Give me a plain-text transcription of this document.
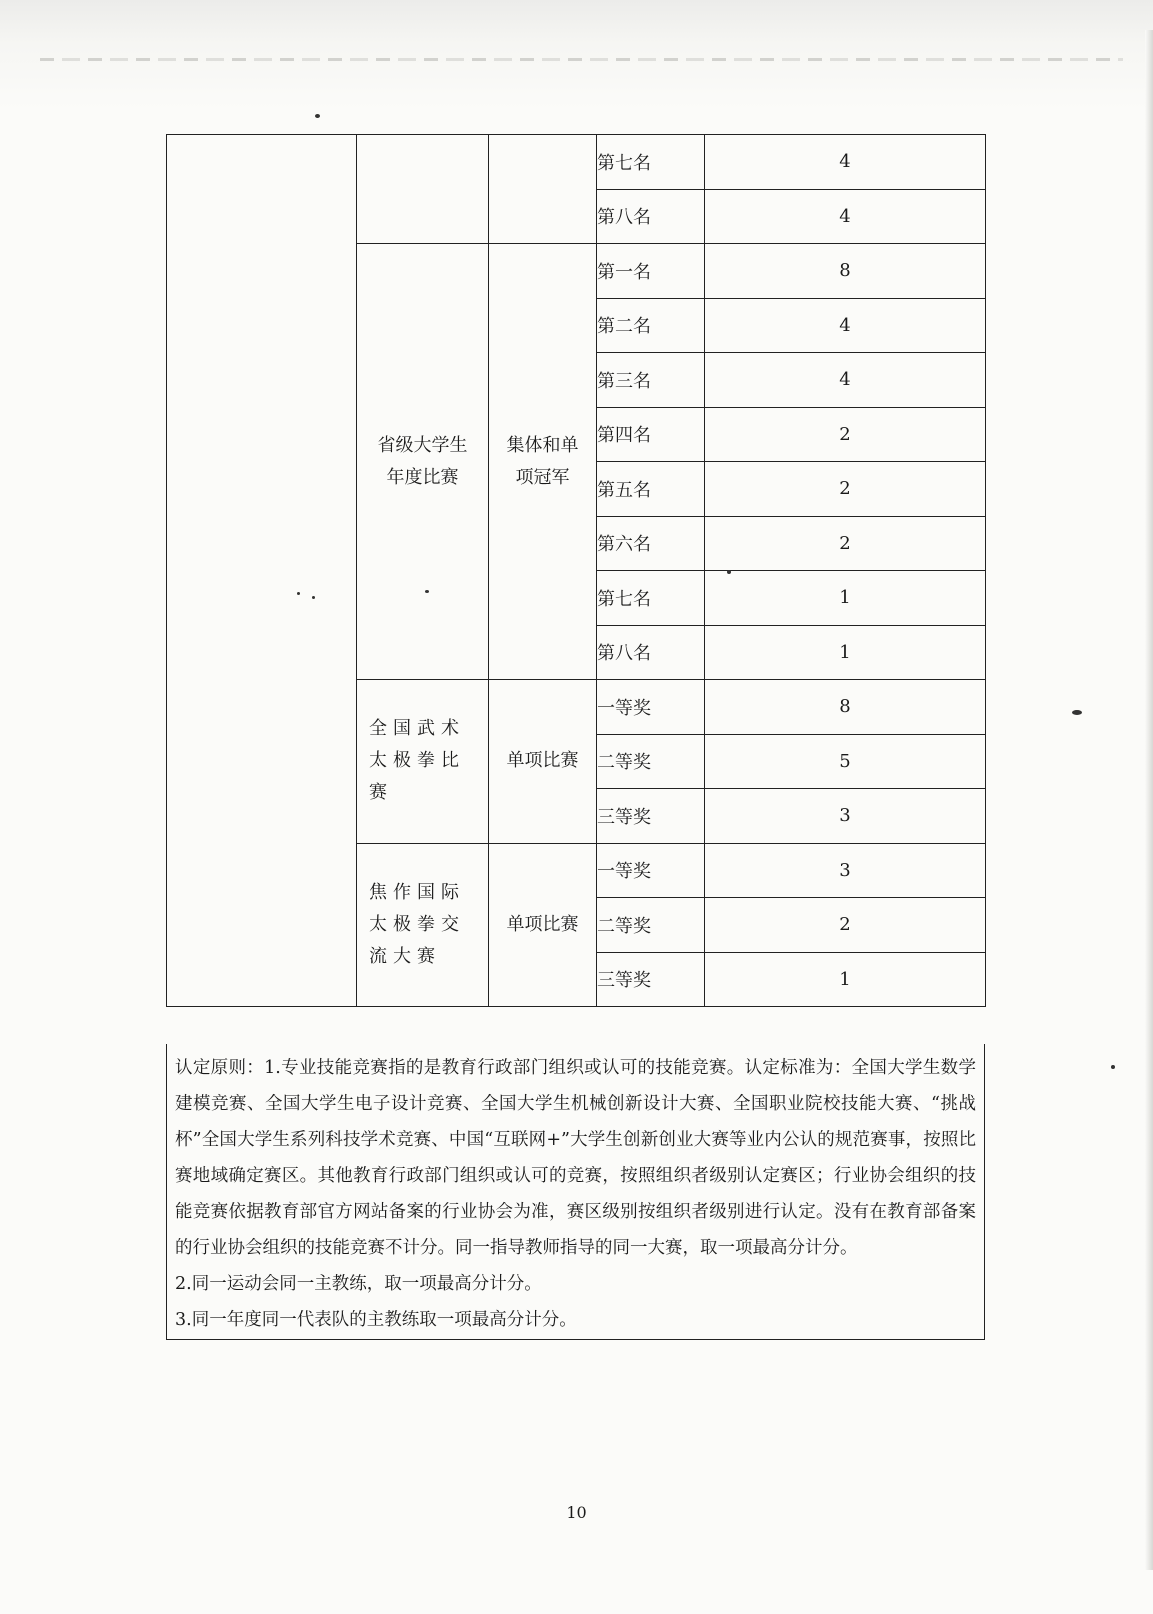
			第七名	4
			第八名	4
	省级大学生年度比赛	集体和单项冠军	第一名	8
			第二名	4
			第三名	4
			第四名	2
			第五名	2
			第六名	2
			第七名	1
			第八名	1
	全国武术太极拳比赛	单项比赛	一等奖	8
			二等奖	5
			三等奖	3
	焦作国际太极拳交流大赛	单项比赛	一等奖	3
			二等奖	2
			三等奖	1

认定原则：1.专业技能竞赛指的是教育行政部门组织或认可的技能竞赛。认定标准为：全国大学生数学建模竞赛、全国大学生电子设计竞赛、全国大学生机械创新设计大赛、全国职业院校技能大赛、“挑战杯”全国大学生系列科技学术竞赛、中国“互联网+”大学生创新创业大赛等业内公认的规范赛事，按照比赛地域确定赛区。其他教育行政部门组织或认可的竞赛，按照组织者级别认定赛区；行业协会组织的技能竞赛依据教育部官方网站备案的行业协会为准，赛区级别按组织者级别进行认定。没有在教育部备案的行业协会组织的技能竞赛不计分。同一指导教师指导的同一大赛，取一项最高分计分。

2.同一运动会同一主教练，取一项最高分计分。

3.同一年度同一代表队的主教练取一项最高分计分。

10
